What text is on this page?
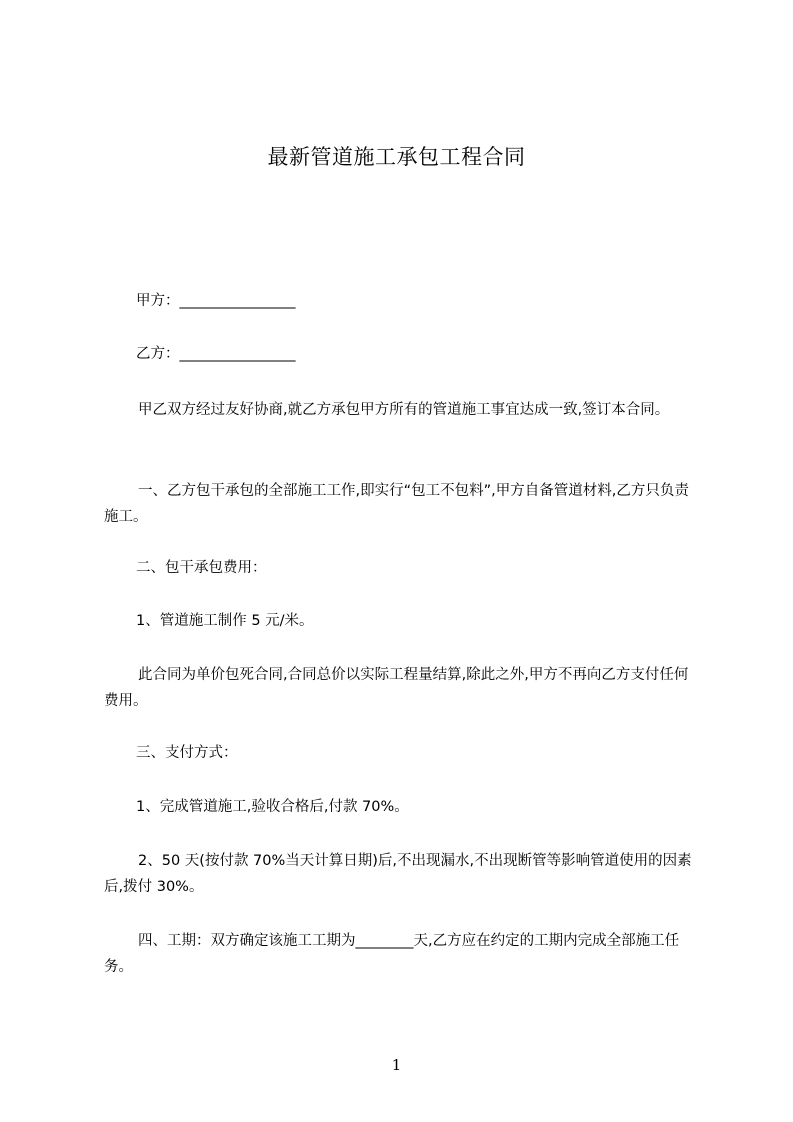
最新管道施工承包工程合同
甲方：________________
乙方：________________
甲乙双方经过友好协商,就乙方承包甲方所有的管道施工事宜达成一致,签订本合同。
一、乙方包干承包的全部施工工作,即实行“包工不包料”,甲方自备管道材料,乙方只负责施工。
二、包干承包费用：
1、管道施工制作 5 元/米。
此合同为单价包死合同,合同总价以实际工程量结算,除此之外,甲方不再向乙方支付任何费用。
三、支付方式：
1、完成管道施工,验收合格后,付款 70%。
2、50 天(按付款 70%当天计算日期)后,不出现漏水,不出现断管等影响管道使用的因素后,拨付 30%。
四、工期：双方确定该施工工期为________天,乙方应在约定的工期内完成全部施工任务。
1
